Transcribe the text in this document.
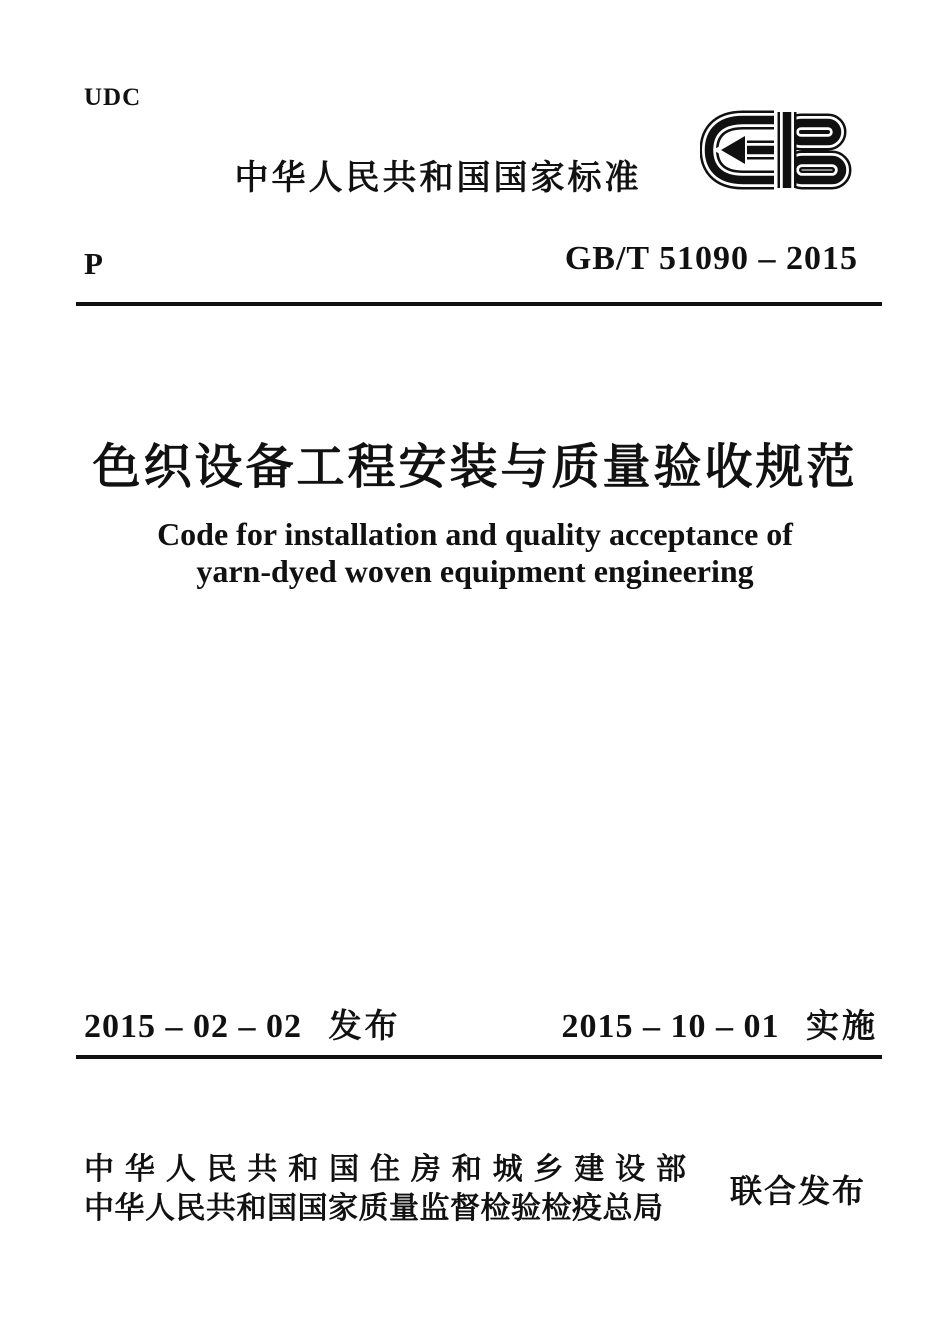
UDC
中华人民共和国国家标准
P	GB/T 51090 – 2015
色织设备工程安装与质量验收规范
Code for installation and quality acceptance of
yarn-dyed woven equipment engineering
2015 – 02 – 02 发布	2015 – 10 – 01 实施
中华人民共和国住房和城乡建设部
中华人民共和国国家质量监督检验检疫总局	联合发布
